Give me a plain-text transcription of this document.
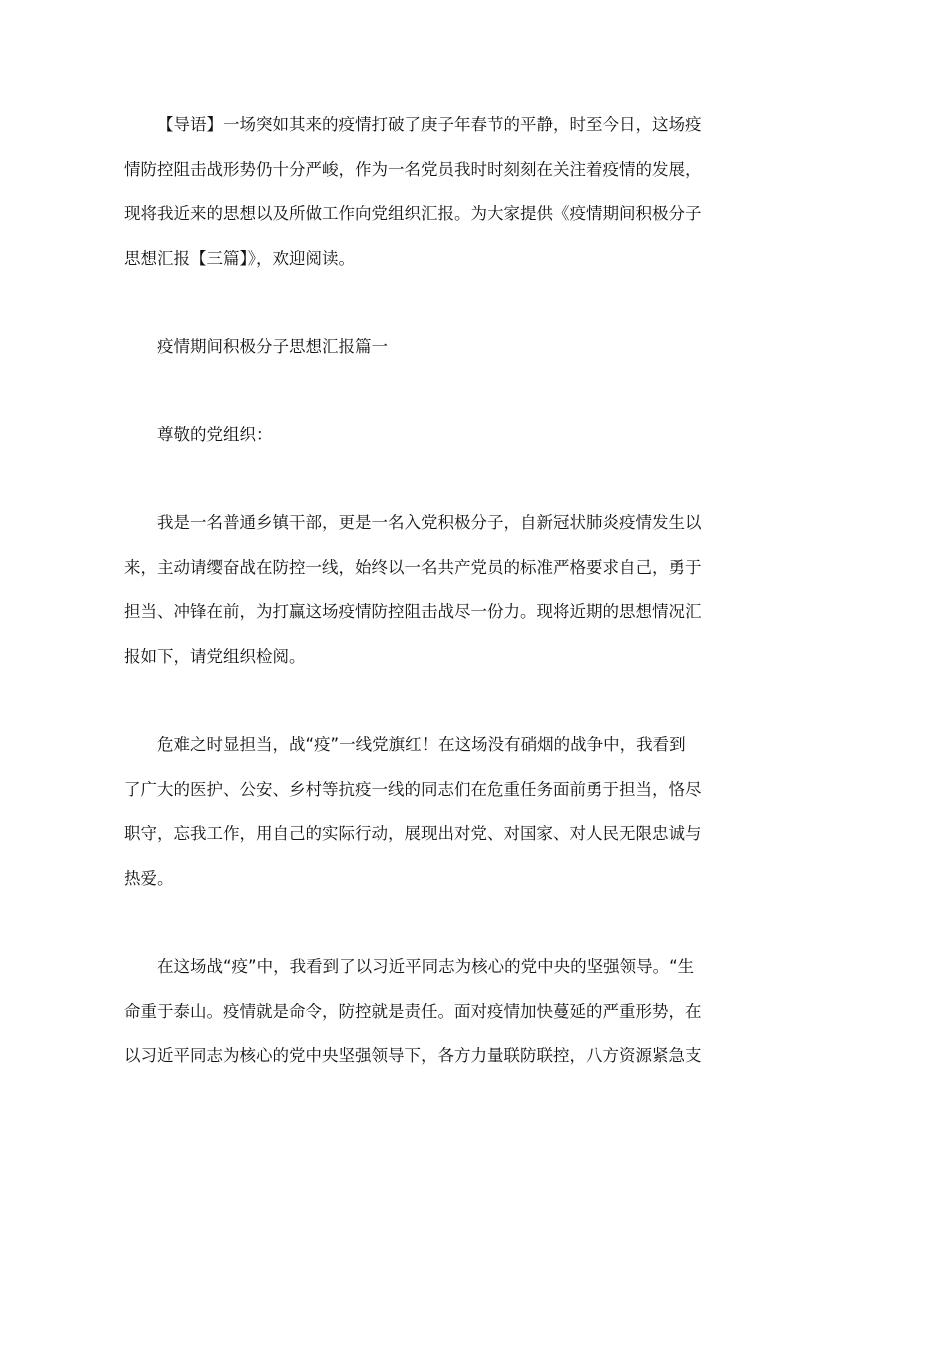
【导语】一场突如其来的疫情打破了庚子年春节的平静，时至今日，这场疫
情防控阻击战形势仍十分严峻，作为一名党员我时时刻刻在关注着疫情的发展，
现将我近来的思想以及所做工作向党组织汇报。为大家提供《疫情期间积极分子
思想汇报【三篇】》，欢迎阅读。
疫情期间积极分子思想汇报篇一
尊敬的党组织：
我是一名普通乡镇干部，更是一名入党积极分子，自新冠状肺炎疫情发生以
来，主动请缨奋战在防控一线，始终以一名共产党员的标准严格要求自己，勇于
担当、冲锋在前，为打赢这场疫情防控阻击战尽一份力。现将近期的思想情况汇
报如下，请党组织检阅。
危难之时显担当，战“疫”一线党旗红！在这场没有硝烟的战争中，我看到
了广大的医护、公安、乡村等抗疫一线的同志们在危重任务面前勇于担当，恪尽
职守，忘我工作，用自己的实际行动，展现出对党、对国家、对人民无限忠诚与
热爱。
在这场战“疫”中，我看到了以习近平同志为核心的党中央的坚强领导。“生
命重于泰山。疫情就是命令，防控就是责任。面对疫情加快蔓延的严重形势，在
以习近平同志为核心的党中央坚强领导下，各方力量联防联控，八方资源紧急支
